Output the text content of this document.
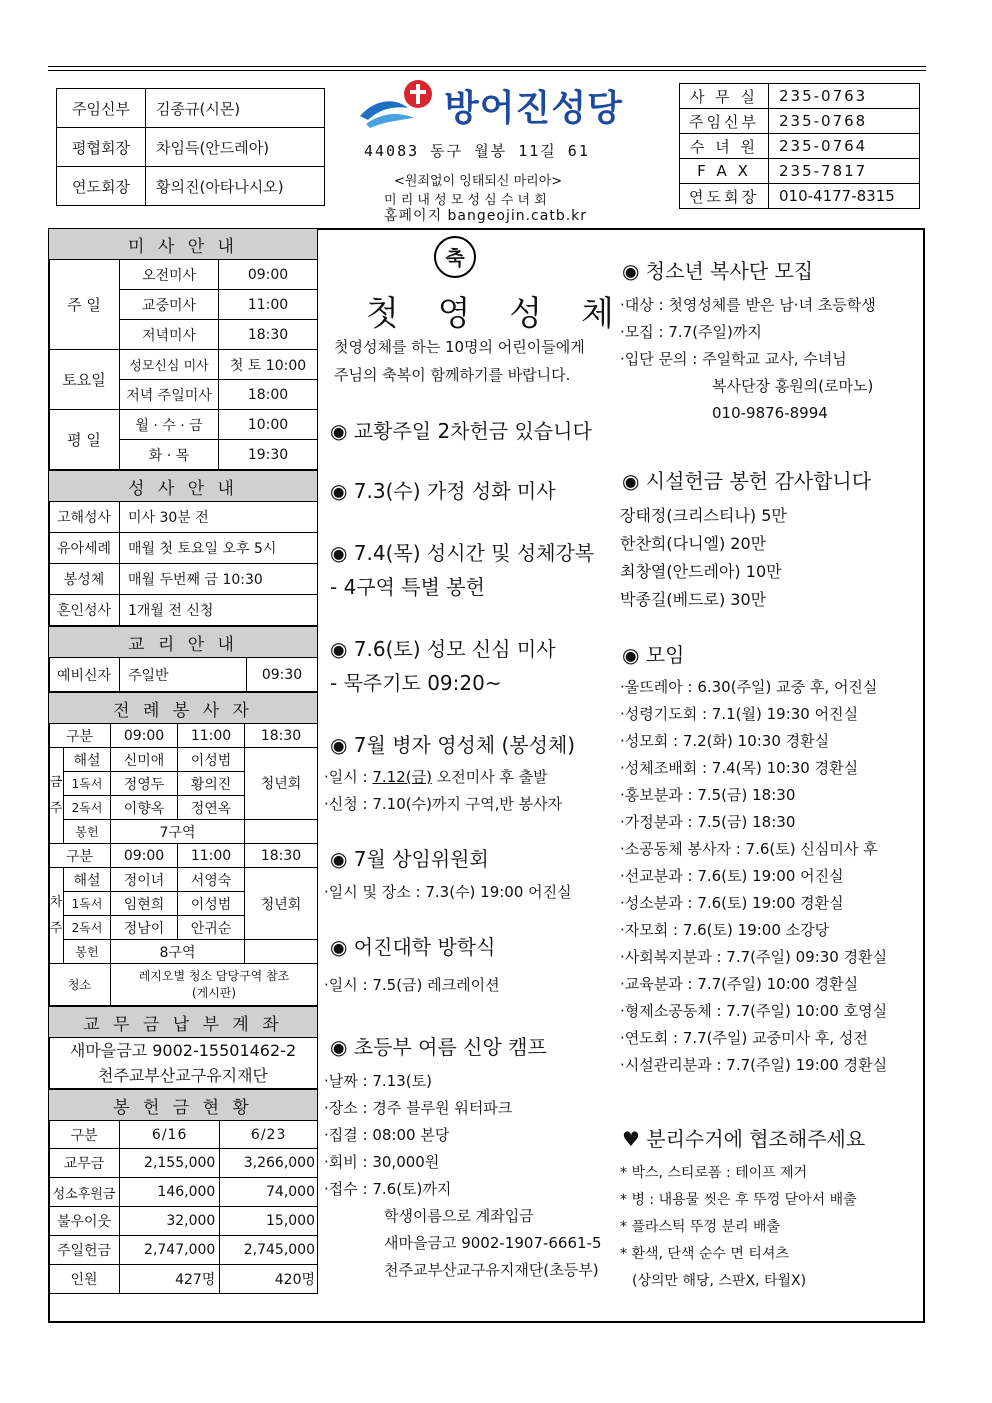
주임신부	김종규(시몬)
평협회장	차임득(안드레아)
연도회장	황의진(아타나시오)
방어진성당
44083 동구 월봉 11길 61
<원죄없이 잉태되신 마리아>
미 리 내 성 모 성 심 수 녀 회
홈페이지 bangeojin.catb.kr
사 무 실	235-0763
주임신부	235-0768
수 녀 원	235-0764
F A X	235-7817
연도회장	010-4177-8315
미 사 안 내		
주 일	오전미사	09:00
	교중미사	11:00
	저녁미사	18:30
토요일	성모신심 미사	첫 토 10:00
	저녁 주일미사	18:00
평 일	월 · 수 · 금	10:00
	화 · 목	19:30
성 사 안 내	
고해성사	미사 30분 전
유아세례	매월 첫 토요일 오후 5시
봉성체	매월 두번째 금 10:30
혼인성사	1개월 전 신청
교 리 안 내
예비신자	주일반	09:30
전 례 봉 사 자				
구분		09:00	11:00	18:30
금주	해설	신미애	이성범	청년회
	1독서	정영두	황의진	
	2독서	이향옥	정연옥	
	봉헌	7구역		
구분		09:00	11:00	18:30
차주	해설	정이녀	서영숙	청년회
	1독서	임현희	이성범	
	2독서	정남이	안귀순	
	봉헌	8구역		
청소		레지오별 청소 담당구역 참조
(게시판)		
교 무 금 납 부 계 좌
새마을금고 9002-15501462-2
천주교부산교구유지재단
봉 헌 금 현 황		
구분	6/16	6/23
교무금	2,155,000	3,266,000
성소후원금	146,000	74,000
불우이웃	32,000	15,000
주일헌금	2,747,000	2,745,000
인원	427명	420명
축
첫 영 성 체
첫영성체를 하는 10명의 어린이들에게
주님의 축복이 함께하기를 바랍니다.
◉ 교황주일 2차헌금 있습니다
◉ 7.3(수) 가정 성화 미사
◉ 7.4(목) 성시간 및 성체강복
- 4구역 특별 봉헌
◉ 7.6(토) 성모 신심 미사
- 묵주기도 09:20~
◉ 7월 병자 영성체 (봉성체)
·일시 : 7.12(금) 오전미사 후 출발
·신청 : 7.10(수)까지 구역,반 봉사자
◉ 7월 상임위원회
·일시 및 장소 : 7.3(수) 19:00 어진실
◉ 어진대학 방학식
·일시 : 7.5(금) 레크레이션
◉ 초등부 여름 신앙 캠프
·날짜 : 7.13(토)
·장소 : 경주 블루원 워터파크
·집결 : 08:00 본당
·회비 : 30,000원
·접수 : 7.6(토)까지
학생이름으로 계좌입금
새마을금고 9002-1907-6661-5
천주교부산교구유지재단(초등부)
◉ 청소년 복사단 모집
·대상 : 첫영성체를 받은 남·녀 초등학생
·모집 : 7.7(주일)까지
·입단 문의 : 주일학교 교사, 수녀님
복사단장 홍원의(로마노)
010-9876-8994
◉ 시설헌금 봉헌 감사합니다
장태정(크리스티나) 5만
한찬희(다니엘) 20만
최창열(안드레아) 10만
박종길(베드로) 30만
◉ 모임
·울뜨레아 : 6.30(주일) 교중 후, 어진실
·성령기도회 : 7.1(월) 19:30 어진실
·성모회 : 7.2(화) 10:30 경환실
·성체조배회 : 7.4(목) 10:30 경환실
·홍보분과 : 7.5(금) 18:30
·가정분과 : 7.5(금) 18:30
·소공동체 봉사자 : 7.6(토) 신심미사 후
·선교분과 : 7.6(토) 19:00 어진실
·성소분과 : 7.6(토) 19:00 경환실
·자모회 : 7.6(토) 19:00 소강당
·사회복지분과 : 7.7(주일) 09:30 경환실
·교육분과 : 7.7(주일) 10:00 경환실
·형제소공동체 : 7.7(주일) 10:00 호영실
·연도회 : 7.7(주일) 교중미사 후, 성전
·시설관리분과 : 7.7(주일) 19:00 경환실
♥ 분리수거에 협조해주세요
* 박스, 스티로폼 : 테이프 제거
* 병 : 내용물 씻은 후 뚜껑 닫아서 배출
* 플라스틱 뚜껑 분리 배출
* 환색, 단색 순수 면 티셔츠
(상의만 해당, 스판X, 타월X)
